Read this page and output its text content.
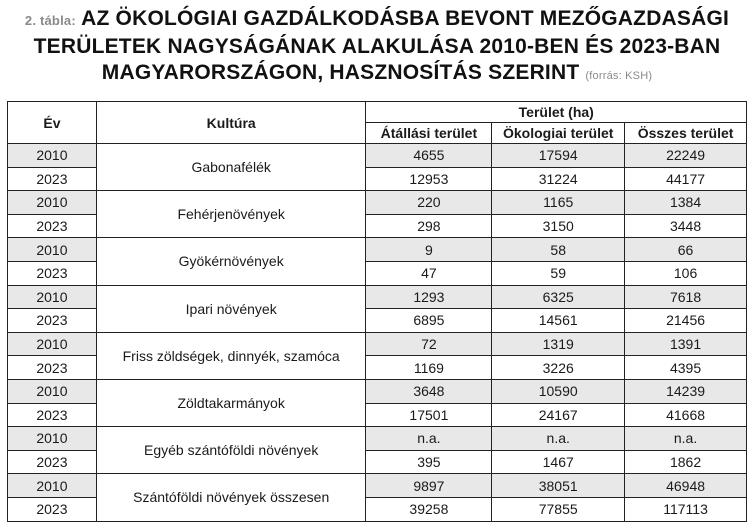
2. tábla: AZ ÖKOLÓGIAI GAZDÁLKODÁSBA BEVONT MEZŐGAZDASÁGI
TERÜLETEK NAGYSÁGÁNAK ALAKULÁSA 2010-BEN ÉS 2023-BAN
MAGYARORSZÁGON, HASZNOSÍTÁS SZERINT (forrás: KSH)
Év	Kultúra	Terület (ha)		
		Átállási terület	Ökologiai terület	Összes terület
2010	Gabonafélék	4655	17594	22249
2023		12953	31224	44177
2010	Fehérjenövények	220	1165	1384
2023		298	3150	3448
2010	Gyökérnövények	9	58	66
2023		47	59	106
2010	Ipari növények	1293	6325	7618
2023		6895	14561	21456
2010	Friss zöldségek, dinnyék, szamóca	72	1319	1391
2023		1169	3226	4395
2010	Zöldtakarmányok	3648	10590	14239
2023		17501	24167	41668
2010	Egyéb szántóföldi növények	n.a.	n.a.	n.a.
2023		395	1467	1862
2010	Szántóföldi növények összesen	9897	38051	46948
2023		39258	77855	117113
